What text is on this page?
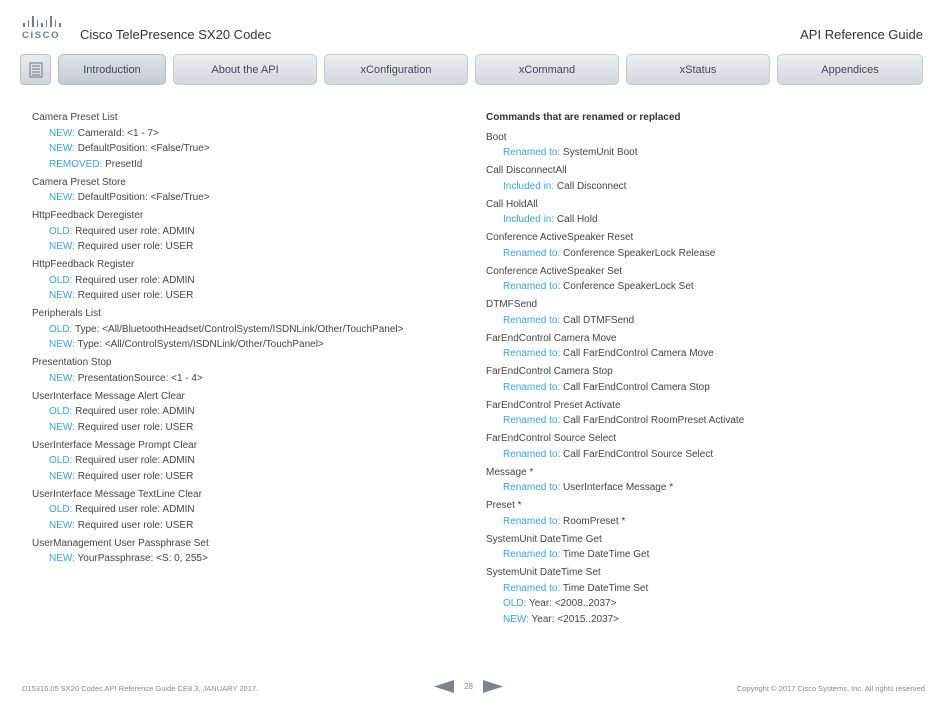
CISCO	Cisco TelePresence SX20 Codec	API Reference Guide
Introduction	About the API	xConfiguration	xCommand	xStatus	Appendices
Camera Preset List
NEW: CameraId: <1 - 7>
NEW: DefaultPosition: <False/True>
REMOVED: PresetId
Camera Preset Store
NEW: DefaultPosition: <False/True>
HttpFeedback Deregister
OLD: Required user role: ADMIN
NEW: Required user role: USER
HttpFeedback Register
OLD: Required user role: ADMIN
NEW: Required user role: USER
Peripherals List
OLD: Type: <All/BluetoothHeadset/ControlSystem/ISDNLink/Other/TouchPanel>
NEW: Type: <All/ControlSystem/ISDNLink/Other/TouchPanel>
Presentation Stop
NEW: PresentationSource: <1 - 4>
UserInterface Message Alert Clear
OLD: Required user role: ADMIN
NEW: Required user role: USER
UserInterface Message Prompt Clear
OLD: Required user role: ADMIN
NEW: Required user role: USER
UserInterface Message TextLine Clear
OLD: Required user role: ADMIN
NEW: Required user role: USER
UserManagement User Passphrase Set
NEW: YourPassphrase: <S: 0, 255>
Commands that are renamed or replaced
Boot
Renamed to: SystemUnit Boot
Call DisconnectAll
Included in: Call Disconnect
Call HoldAll
Included in: Call Hold
Conference ActiveSpeaker Reset
Renamed to: Conference SpeakerLock Release
Conference ActiveSpeaker Set
Renamed to: Conference SpeakerLock Set
DTMFSend
Renamed to: Call DTMFSend
FarEndControl Camera Move
Renamed to: Call FarEndControl Camera Move
FarEndControl Camera Stop
Renamed to: Call FarEndControl Camera Stop
FarEndControl Preset Activate
Renamed to: Call FarEndControl RoomPreset Activate
FarEndControl Source Select
Renamed to: Call FarEndControl Source Select
Message *
Renamed to: UserInterface Message *
Preset *
Renamed to: RoomPreset *
SystemUnit DateTime Get
Renamed to: Time DateTime Get
SystemUnit DateTime Set
Renamed to: Time DateTime Set
OLD: Year: <2008..2037>
NEW: Year: <2015..2037>
D15316.05 SX20 Codec API Reference Guide CE8.3, JANUARY 2017.	28	Copyright © 2017 Cisco Systems, Inc. All rights reserved.
